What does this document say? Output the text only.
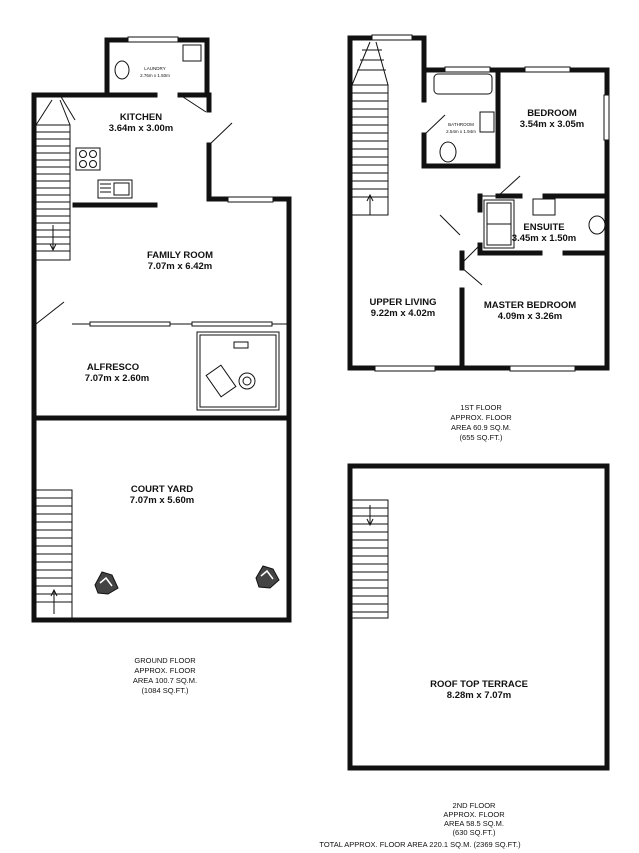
LAUNDRY
2.76m x 1.50m
KITCHEN
3.64m x 3.00m
FAMILY ROOM
7.07m x 6.42m
ALFRESCO
7.07m x 2.60m
COURT YARD
7.07m x 5.60m
GROUND FLOOR
APPROX. FLOOR
AREA 100.7 SQ.M.
(1084 SQ.FT.)
BATHROOM
2.54m x 1.94m
BEDROOM
3.54m x 3.05m
ENSUITE
3.45m x 1.50m
UPPER LIVING
9.22m x 4.02m
MASTER BEDROOM
4.09m x 3.26m
1ST FLOOR
APPROX. FLOOR
AREA 60.9 SQ.M.
(655 SQ.FT.)
ROOF TOP TERRACE
8.28m x 7.07m
2ND FLOOR
APPROX. FLOOR
AREA 58.5 SQ.M.
(630 SQ.FT.)
TOTAL APPROX. FLOOR AREA 220.1 SQ.M. (2369 SQ.FT.)
